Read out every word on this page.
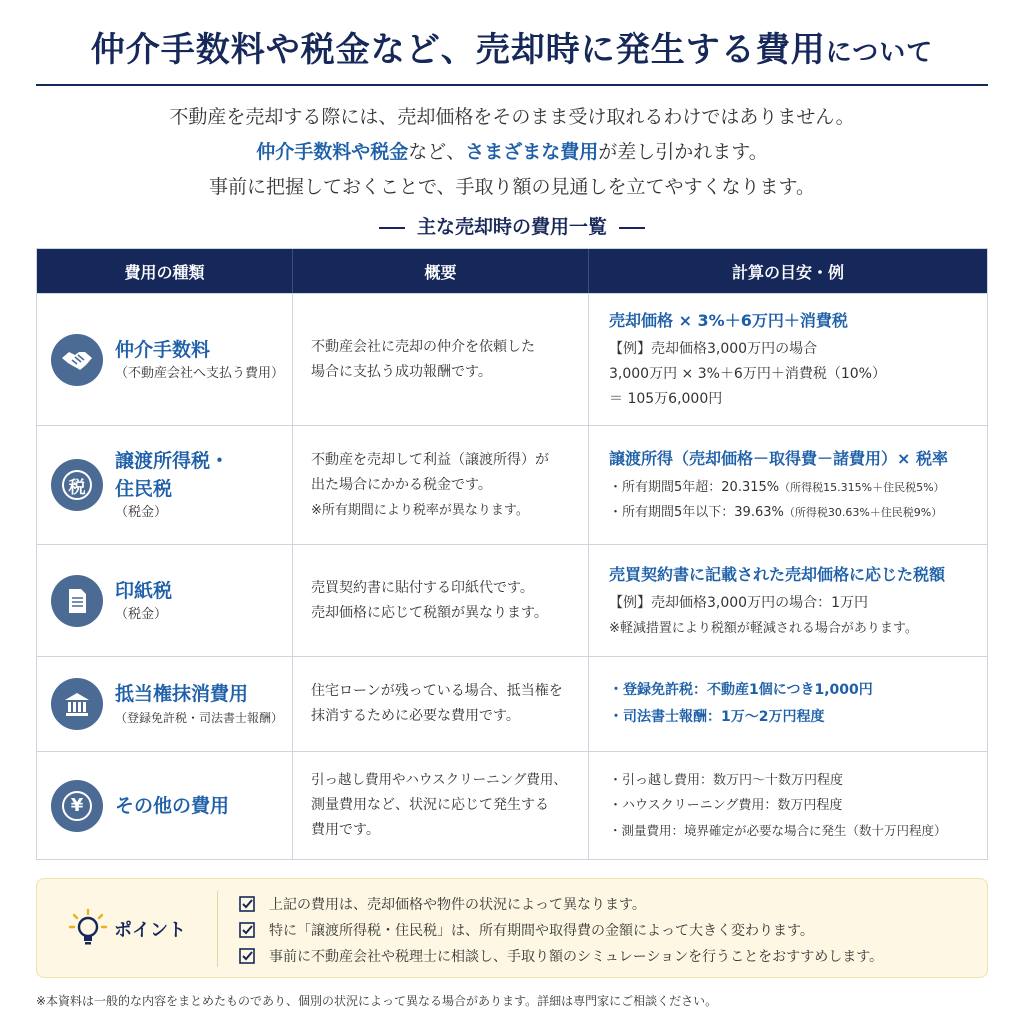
仲介手数料や税金など、売却時に発生する費用について
不動産を売却する際には、売却価格をそのまま受け取れるわけではありません。
仲介手数料や税金など、さまざまな費用が差し引かれます。
事前に把握しておくことで、手取り額の見通しを立てやすくなります。
主な売却時の費用一覧
費用の種類	概要	計算の目安・例
仲介手数料
（不動産会社へ支払う費用）
不動産会社に売却の仲介を依頼した
場合に支払う成功報酬です。
売却価格 × 3%＋6万円＋消費税
【例】売却価格3,000万円の場合
3,000万円 × 3%＋6万円＋消費税（10%）
＝ 105万6,000円
税
譲渡所得税・
住民税
（税金）
不動産を売却して利益（譲渡所得）が
出た場合にかかる税金です。
※所有期間により税率が異なります。
譲渡所得（売却価格－取得費－諸費用）× 税率
・所有期間5年超：20.315%（所得税15.315%＋住民税5%）
・所有期間5年以下：39.63%（所得税30.63%＋住民税9%）
印紙税
（税金）
売買契約書に貼付する印紙代です。
売却価格に応じて税額が異なります。
売買契約書に記載された売却価格に応じた税額
【例】売却価格3,000万円の場合：1万円
※軽減措置により税額が軽減される場合があります。
抵当権抹消費用
（登録免許税・司法書士報酬）
住宅ローンが残っている場合、抵当権を
抹消するために必要な費用です。
・登録免許税：不動産1個につき1,000円
・司法書士報酬：1万～2万円程度
¥ その他の費用
引っ越し費用やハウスクリーニング費用、
測量費用など、状況に応じて発生する
費用です。
・引っ越し費用：数万円～十数万円程度
・ハウスクリーニング費用：数万円程度
・測量費用：境界確定が必要な場合に発生（数十万円程度）
ポイント
上記の費用は、売却価格や物件の状況によって異なります。
特に「譲渡所得税・住民税」は、所有期間や取得費の金額によって大きく変わります。
事前に不動産会社や税理士に相談し、手取り額のシミュレーションを行うことをおすすめします。
※本資料は一般的な内容をまとめたものであり、個別の状況によって異なる場合があります。詳細は専門家にご相談ください。
